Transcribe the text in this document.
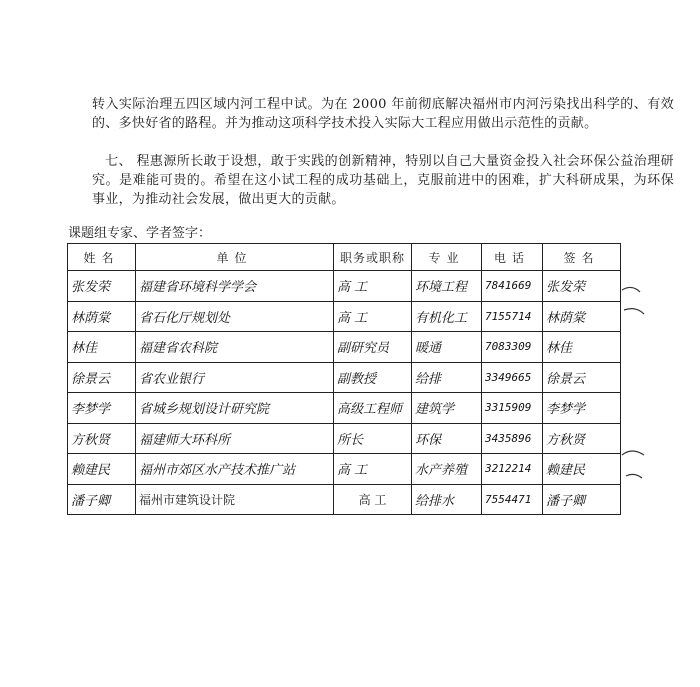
转入实际治理五四区域内河工程中试。为在 2000 年前彻底解决福州市内河污染找出科学的、有效的、多快好省的路程。并为推动这项科学技术投入实际大工程应用做出示范性的贡献。

七、 程惠源所长敢于设想，敢于实践的创新精神，特别以自己大量资金投入社会环保公益治理研究。是难能可贵的。希望在这小试工程的成功基础上，克服前进中的困难，扩大科研成果，为环保事业，为推动社会发展，做出更大的贡献。

课题组专家、学者签字：

姓名	单位	职务或职称	专业	电话	签名
张发荣	福建省环境科学学会	高 工	环境工程	7841669	张发荣
林荫棠	省石化厅规划处	高 工	有机化工	7155714	林荫棠
林佳	福建省农科院	副研究员	暖通	7083309	林佳
徐景云	省农业银行	副教授	给排	3349665	徐景云
李梦学	省城乡规划设计研究院	高级工程师	建筑学	3315909	李梦学
方秋贤	福建师大环科所	所长	环保	3435896	方秋贤
赖建民	福州市郊区水产技术推广站	高 工	水产养殖	3212214	赖建民
潘子卿	福州市建筑设计院	高 工	给排水	7554471	潘子卿
